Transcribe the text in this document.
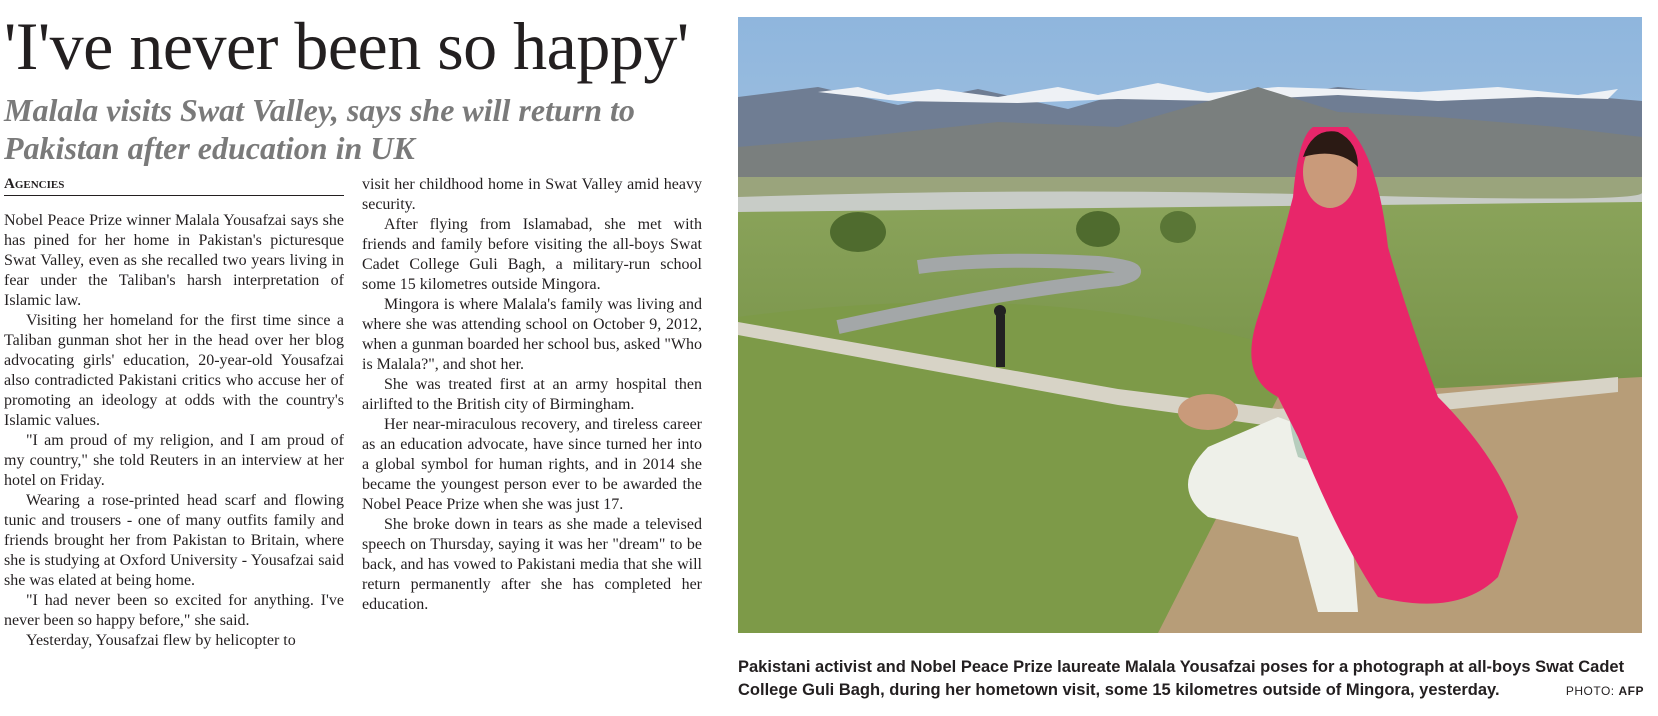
'I've never been so happy'
Malala visits Swat Valley, says she will return to Pakistan after education in UK
Agencies

Nobel Peace Prize winner Malala Yousafzai says she has pined for her home in Pakistan's picturesque Swat Valley, even as she recalled two years living in fear under the Taliban's harsh interpretation of Islamic law.

Visiting her homeland for the first time since a Taliban gunman shot her in the head over her blog advocating girls' education, 20-year-old Yousafzai also contradicted Pakistani critics who accuse her of promoting an ideology at odds with the country's Islamic values.

"I am proud of my religion, and I am proud of my country," she told Reuters in an interview at her hotel on Friday.

Wearing a rose-printed head scarf and flowing tunic and trousers - one of many outfits family and friends brought her from Pakistan to Britain, where she is studying at Oxford University - Yousafzai said she was elated at being home.

"I had never been so excited for anything. I've never been so happy before," she said.

Yesterday, Yousafzai flew by helicopter to

visit her childhood home in Swat Valley amid heavy security.

After flying from Islamabad, she met with friends and family before visiting the all-boys Swat Cadet College Guli Bagh, a military-run school some 15 kilometres outside Mingora.

Mingora is where Malala's family was living and where she was attending school on October 9, 2012, when a gunman boarded her school bus, asked "Who is Malala?", and shot her.

She was treated first at an army hospital then airlifted to the British city of Birmingham.

Her near-miraculous recovery, and tireless career as an education advocate, have since turned her into a global symbol for human rights, and in 2014 she became the youngest person ever to be awarded the Nobel Peace Prize when she was just 17.

She broke down in tears as she made a televised speech on Thursday, saying it was her "dream" to be back, and has vowed to Pakistani media that she will return permanently after she has completed her education.

Pakistani activist and Nobel Peace Prize laureate Malala Yousafzai poses for a photograph at all-boys Swat Cadet College Guli Bagh, during her hometown visit, some 15 kilometres outside of Mingora, yesterday.	PHOTO: AFP
